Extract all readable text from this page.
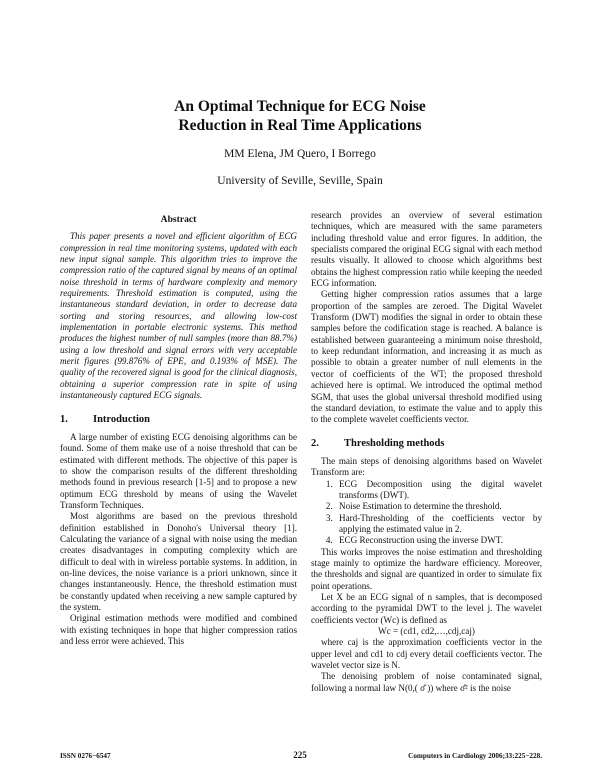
An Optimal Technique for ECG Noise
Reduction in Real Time Applications
MM Elena, JM Quero, I Borrego
University of Seville, Seville, Spain
Abstract

This paper presents a novel and efficient algorithm of ECG compression in real time monitoring systems, updated with each new input signal sample. This algorithm tries to improve the compression ratio of the captured signal by means of an optimal noise threshold in terms of hardware complexity and memory requirements. Threshold estimation is computed, using the instantaneous standard deviation, in order to decrease data sorting and storing resources, and allowing low-cost implementation in portable electronic systems. This method produces the highest number of null samples (more than 88.7%) using a low threshold and signal errors with very acceptable merit figures (99.876% of EPE, and 0.193% of MSE). The quality of the recovered signal is good for the clinical diagnosis, obtaining a superior compression rate in spite of using instantaneously captured ECG signals.

1.	Introduction

A large number of existing ECG denoising algorithms can be found. Some of them make use of a noise threshold that can be estimated with different methods. The objective of this paper is to show the comparison results of the different thresholding methods found in previous research [1-5] and to propose a new optimum ECG threshold by means of using the Wavelet Transform Techniques.

Most algorithms are based on the previous threshold definition established in Donoho's Universal theory [1]. Calculating the variance of a signal with noise using the median creates disadvantages in computing complexity which are difficult to deal with in wireless portable systems. In addition, in on-line devices, the noise variance is a priori unknown, since it changes instantaneously. Hence, the threshold estimation must be constantly updated when receiving a new sample captured by the system.

Original estimation methods were modified and combined with existing techniques in hope that higher compression ratios and less error were achieved. This

research provides an overview of several estimation techniques, which are measured with the same parameters including threshold value and error figures. In addition, the specialists compared the original ECG signal with each method results visually. It allowed to choose which algorithms best obtains the highest compression ratio while keeping the needed ECG information.

Getting higher compression ratios assumes that a large proportion of the samples are zeroed. The Digital Wavelet Transform (DWT) modifies the signal in order to obtain these samples before the codification stage is reached. A balance is established between guaranteeing a minimum noise threshold, to keep redundant information, and increasing it as much as possible to obtain a greater number of null elements in the vector of coefficients of the WT; the proposed threshold achieved here is optimal. We introduced the optimal method SGM, that uses the global universal threshold modified using the standard deviation, to estimate the value and to apply this to the complete wavelet coefficients vector.

2.	Thresholding methods

The main steps of denoising algorithms based on Wavelet Transform are:

1. ECG Decomposition using the digital wavelet transforms (DWT).
2. Noise Estimation to determine the threshold.
3. Hard-Thresholding of the coefficients vector by applying the estimated value in 2.
4. ECG Reconstruction using the inverse DWT.

This works improves the noise estimation and thresholding stage mainly to optimize the hardware efficiency. Moreover, the thresholds and signal are quantized in order to simulate fix point operations.

Let X be an ECG signal of n samples, that is decomposed according to the pyramidal DWT to the level j. The wavelet coefficients vector (Wc) is defined as

Wc = (cd1, cd2,…,cdj,caj)

where caj is the approximation coefficients vector in the upper level and cd1 to cdj every detail coefficients vector. The wavelet vector size is N.

The denoising problem of noise contaminated signal, following a normal law N(0,( σ̂ )) where σ̂² is the noise

ISSN 0276−6547	225	Computers in Cardiology 2006;33:225−228.
